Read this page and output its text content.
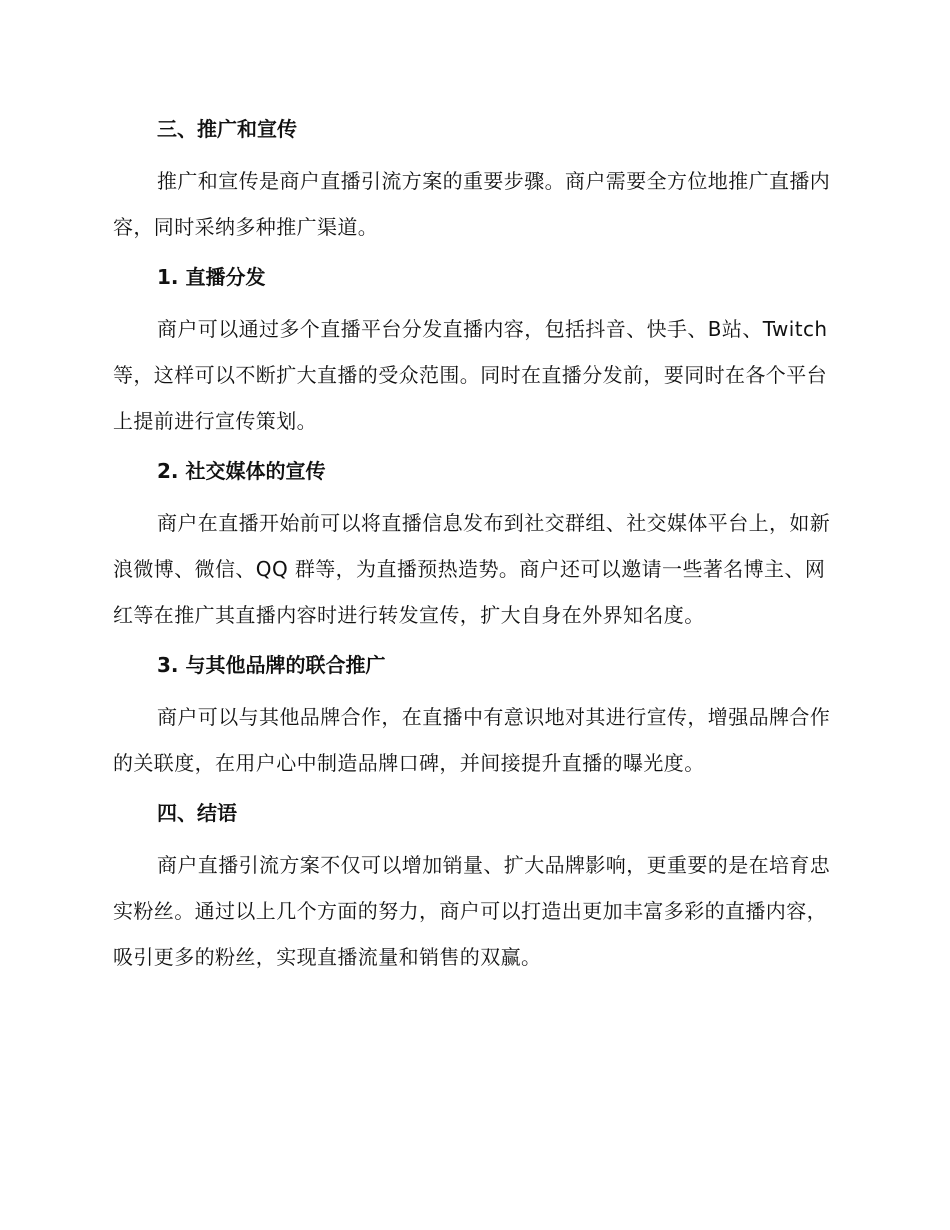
三、推广和宣传

推广和宣传是商户直播引流方案的重要步骤。商户需要全方位地推广直播内容，同时采纳多种推广渠道。

1. 直播分发

商户可以通过多个直播平台分发直播内容，包括抖音、快手、B站、Twitch 等，这样可以不断扩大直播的受众范围。同时在直播分发前，要同时在各个平台上提前进行宣传策划。

2. 社交媒体的宣传

商户在直播开始前可以将直播信息发布到社交群组、社交媒体平台上，如新浪微博、微信、QQ 群等，为直播预热造势。商户还可以邀请一些著名博主、网红等在推广其直播内容时进行转发宣传，扩大自身在外界知名度。

3. 与其他品牌的联合推广

商户可以与其他品牌合作，在直播中有意识地对其进行宣传，增强品牌合作的关联度，在用户心中制造品牌口碑，并间接提升直播的曝光度。

四、结语

商户直播引流方案不仅可以增加销量、扩大品牌影响，更重要的是在培育忠实粉丝。通过以上几个方面的努力，商户可以打造出更加丰富多彩的直播内容，吸引更多的粉丝，实现直播流量和销售的双赢。
